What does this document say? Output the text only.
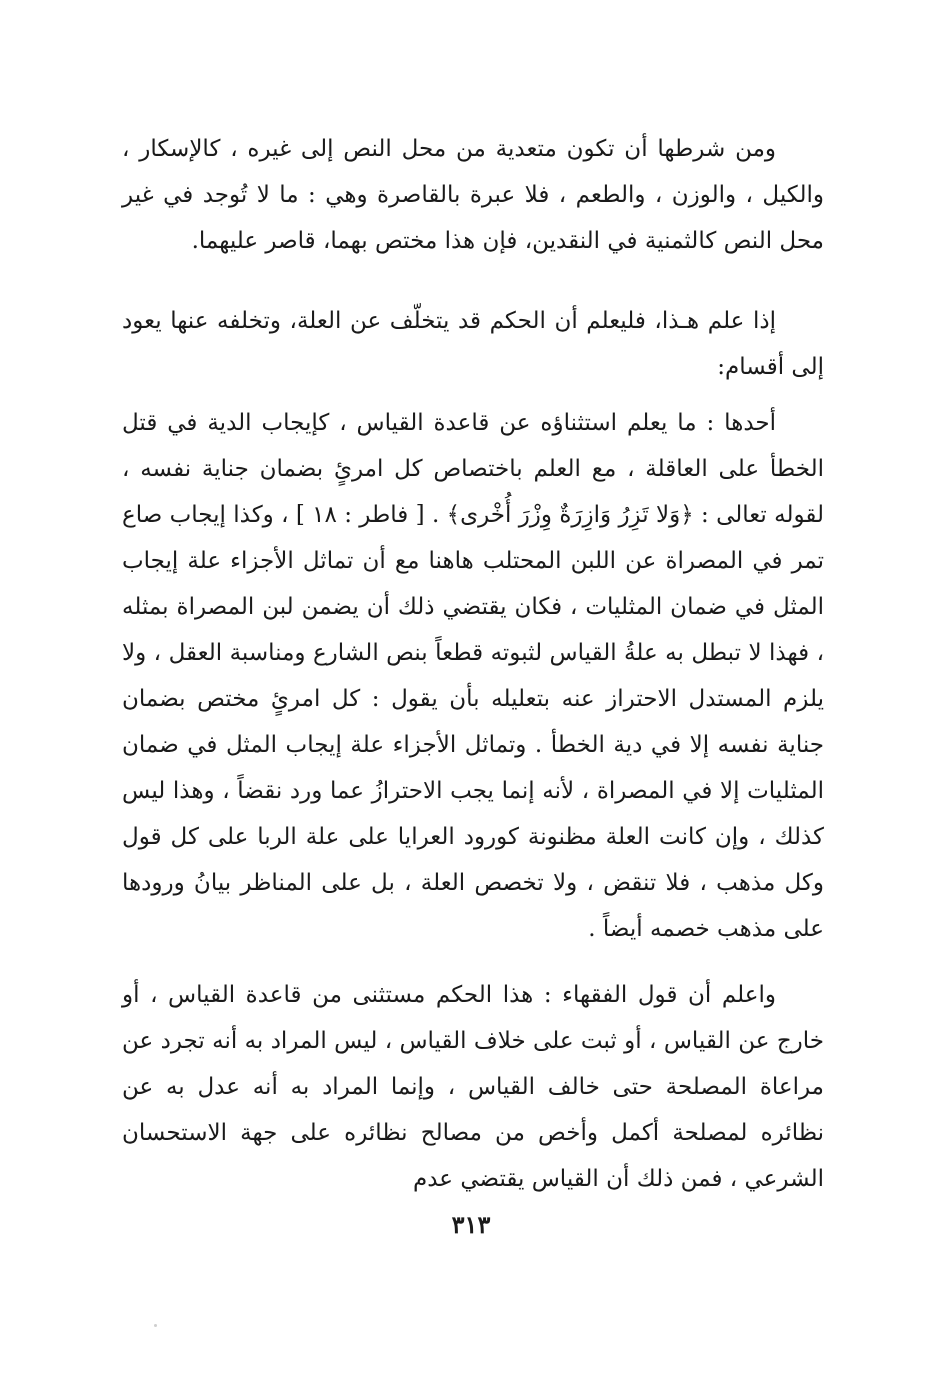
ومن شرطها أن تكون متعدية من محل النص إلى غيره ، كالإسكار ، والكيل ، والوزن ، والطعم ، فلا عبرة بالقاصرة وهي : ما لا تُوجد في غير محل النص كالثمنية في النقدين، فإن هذا مختص بهما، قاصر عليهما.

إذا علم هـذا، فليعلم أن الحكم قد يتخلّف عن العلة، وتخلفه عنها يعود إلى أقسام:

أحدها : ما يعلم استثناؤه عن قاعدة القياس ، كإيجاب الدية في قتل الخطأ على العاقلة ، مع العلم باختصاص كل امرئٍ بضمان جناية نفسه ، لقوله تعالى : ﴿وَلا تَزِرُ وَازِرَةٌ وِزْرَ أُخْرى﴾ . [ فاطر : ١٨ ] ، وكذا إيجاب صاع تمر في المصراة عن اللبن المحتلب هاهنا مع أن تماثل الأجزاء علة إيجاب المثل في ضمان المثليات ، فكان يقتضي ذلك أن يضمن لبن المصراة بمثله ، فهذا لا تبطل به علةُ القياس لثبوته قطعاً بنص الشارع ومناسبة العقل ، ولا يلزم المستدل الاحتراز عنه بتعليله بأن يقول : كل امرئٍ مختص بضمان جناية نفسه إلا في دية الخطأ . وتماثل الأجزاء علة إيجاب المثل في ضمان المثليات إلا في المصراة ، لأنه إنما يجب الاحترازُ عما ورد نقضاً ، وهذا ليس كذلك ، وإن كانت العلة مظنونة كورود العرايا على علة الربا على كل قول وكل مذهب ، فلا تنقض ، ولا تخصص العلة ، بل على المناظر بيانُ ورودها على مذهب خصمه أيضاً .

واعلم أن قول الفقهاء : هذا الحكم مستثنى من قاعدة القياس ، أو خارج عن القياس ، أو ثبت على خلاف القياس ، ليس المراد به أنه تجرد عن مراعاة المصلحة حتى خالف القياس ، وإنما المراد به أنه عدل به عن نظائره لمصلحة أكمل وأخص من مصالح نظائره على جهة الاستحسان الشرعي ، فمن ذلك أن القياس يقتضي عدم

٣١٣
